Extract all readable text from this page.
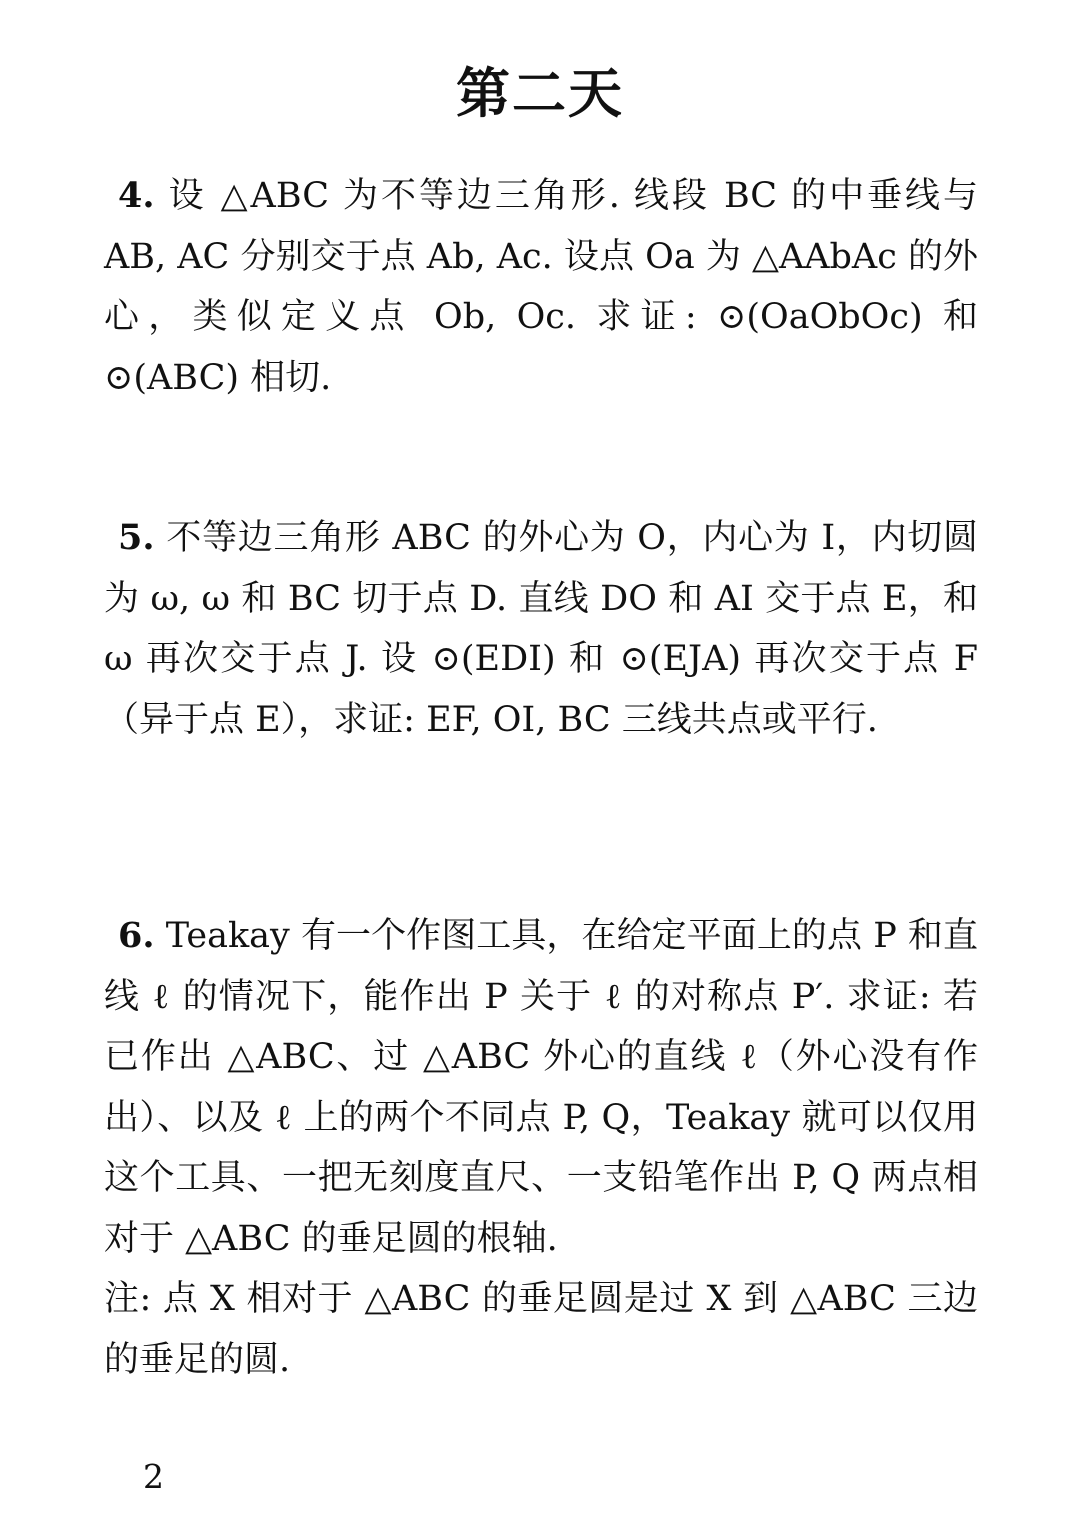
第二天

4. 设 △ABC 为不等边三角形. 线段 BC 的中垂线与 AB, AC 分别交于点 Ab, Ac. 设点 Oa 为 △AAbAc 的外心，类似定义点 Ob, Oc. 求证: ⊙(OaObOc) 和 ⊙(ABC) 相切.

5. 不等边三角形 ABC 的外心为 O，内心为 I，内切圆为 ω, ω 和 BC 切于点 D. 直线 DO 和 AI 交于点 E，和 ω 再次交于点 J. 设 ⊙(EDI) 和 ⊙(EJA) 再次交于点 F（异于点 E），求证: EF, OI, BC 三线共点或平行.

6. Teakay 有一个作图工具，在给定平面上的点 P 和直线 ℓ 的情况下，能作出 P 关于 ℓ 的对称点 P′. 求证: 若已作出 △ABC、过 △ABC 外心的直线 ℓ（外心没有作出）、以及 ℓ 上的两个不同点 P, Q，Teakay 就可以仅用这个工具、一把无刻度直尺、一支铅笔作出 P, Q 两点相对于 △ABC 的垂足圆的根轴.

注: 点 X 相对于 △ABC 的垂足圆是过 X 到 △ABC 三边的垂足的圆.

2
